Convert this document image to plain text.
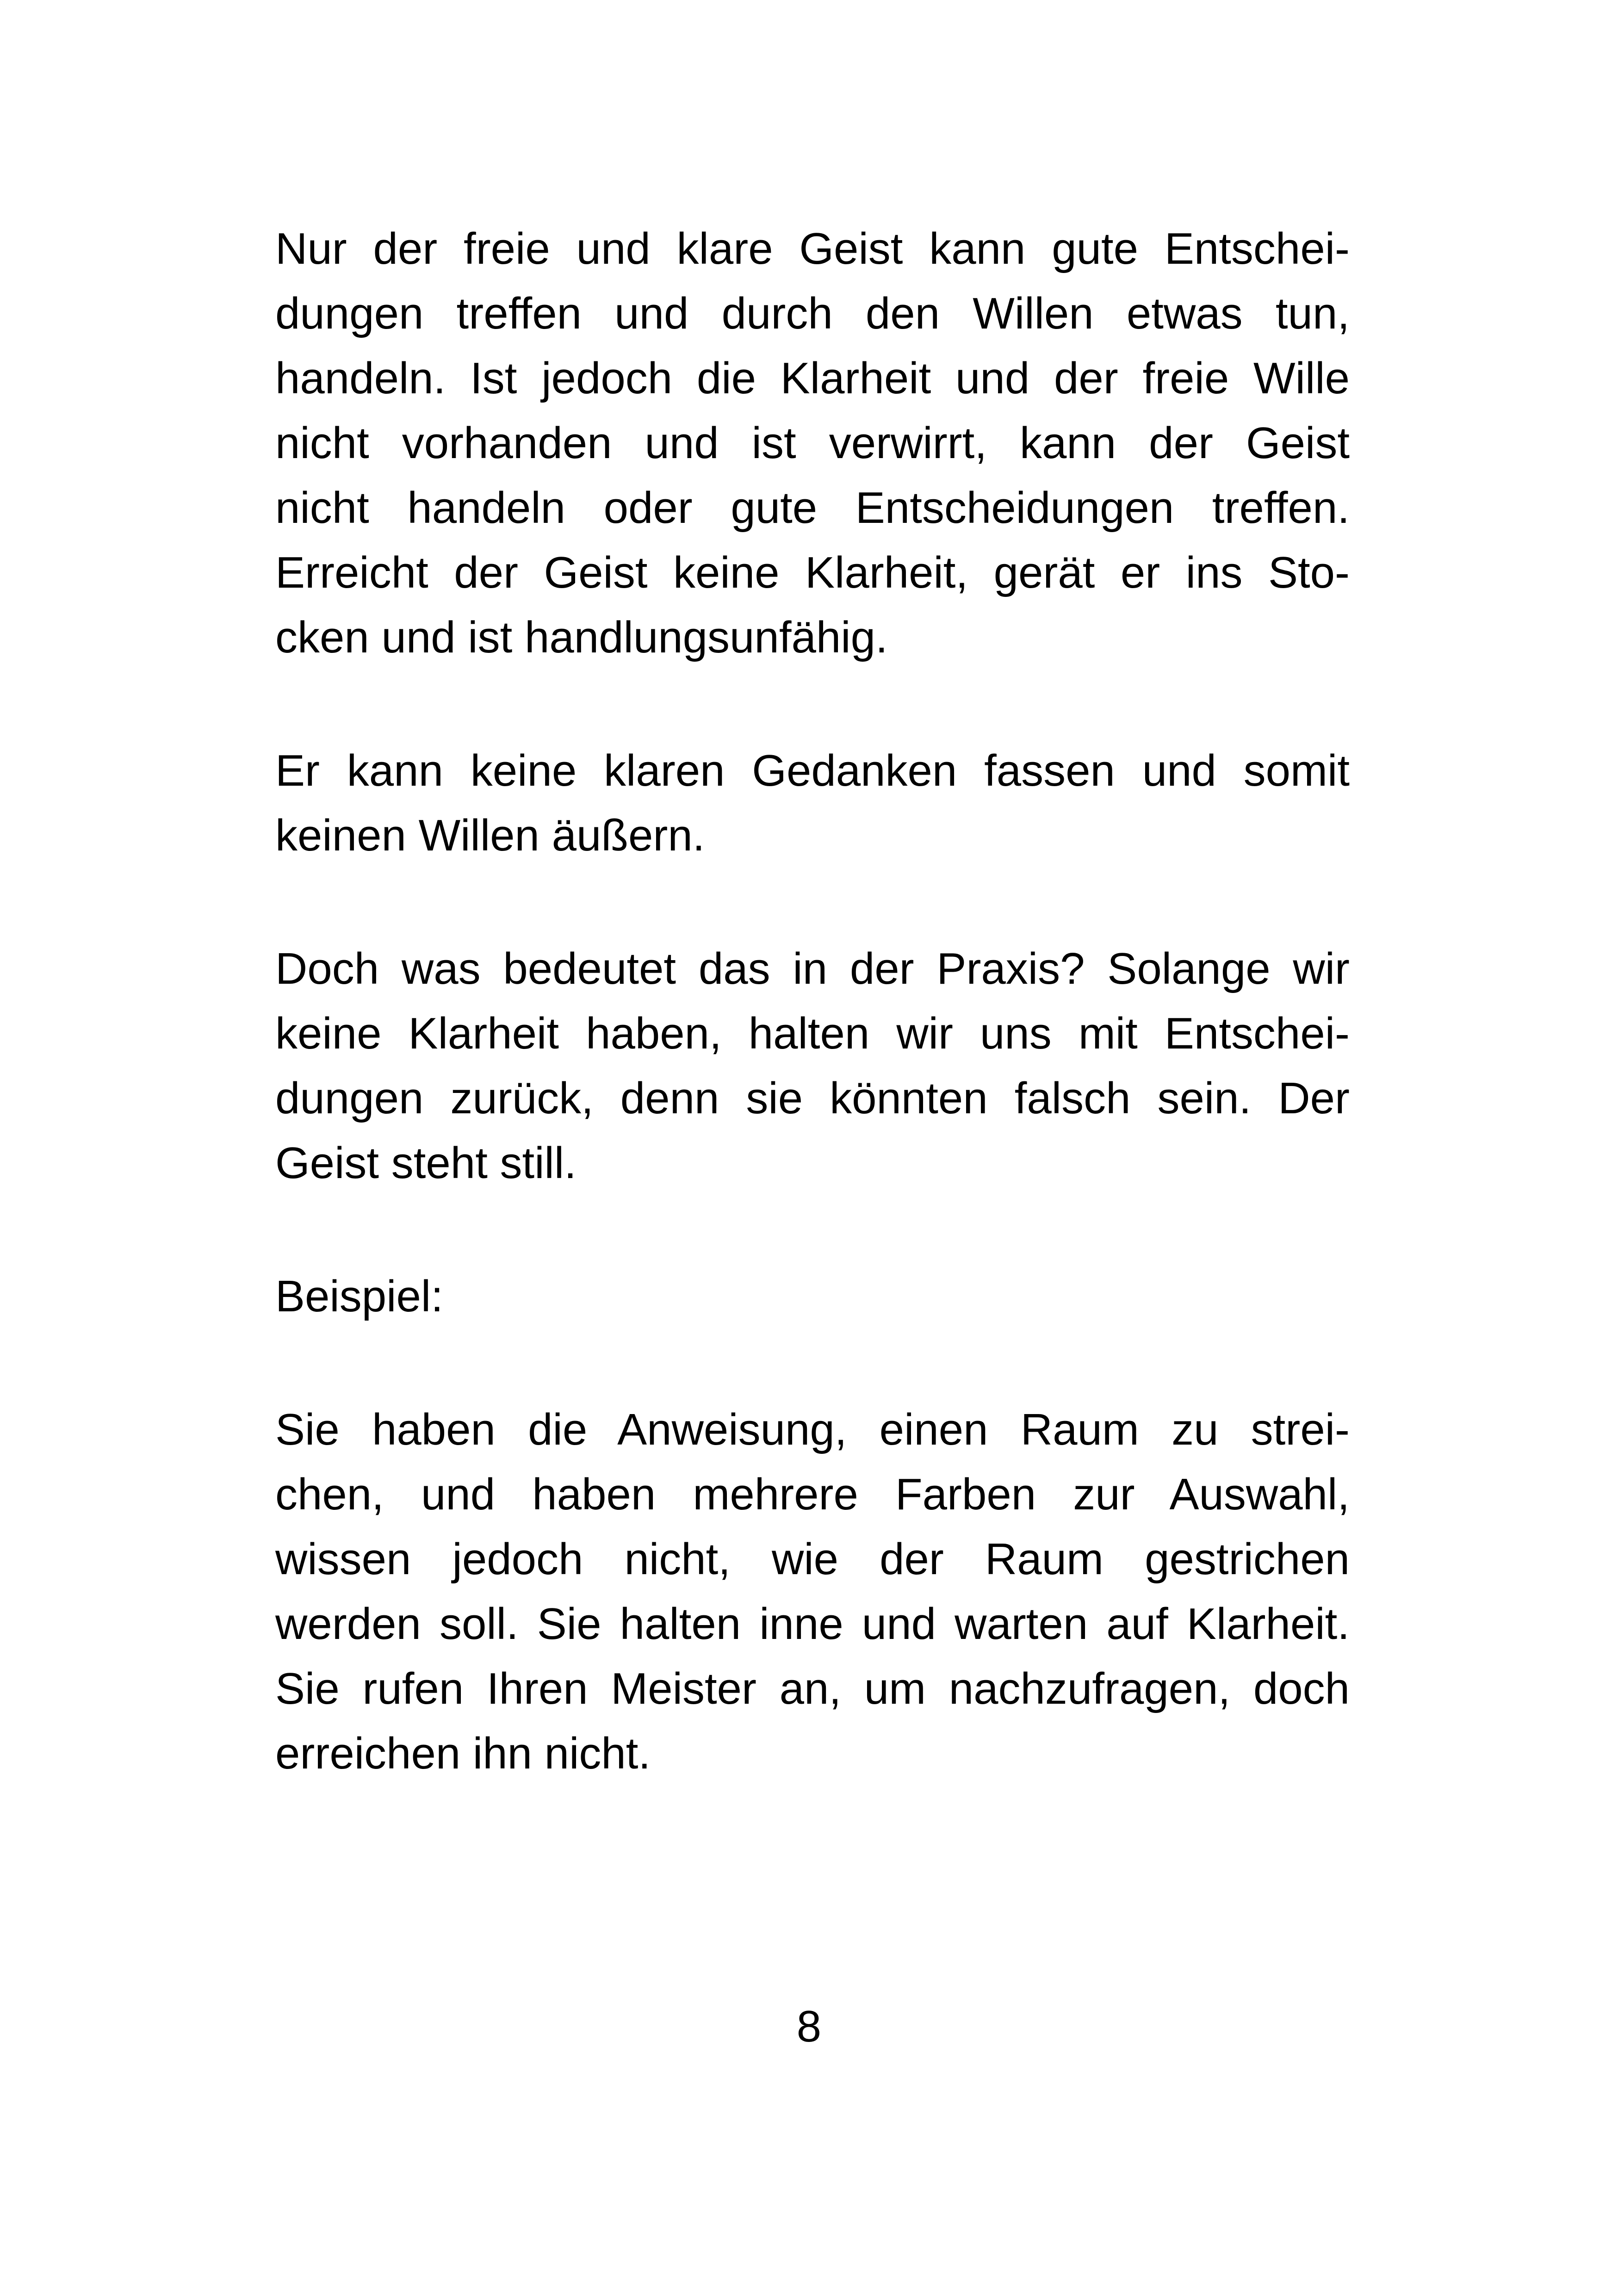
Nur der freie und klare Geist kann gute Entschei-
dungen treffen und durch den Willen etwas tun,
handeln. Ist jedoch die Klarheit und der freie Wille
nicht vorhanden und ist verwirrt, kann der Geist
nicht handeln oder gute Entscheidungen treffen.
Erreicht der Geist keine Klarheit, gerät er ins Sto-
cken und ist handlungsunfähig.
Er kann keine klaren Gedanken fassen und somit
keinen Willen äußern.
Doch was bedeutet das in der Praxis? Solange wir
keine Klarheit haben, halten wir uns mit Entschei-
dungen zurück, denn sie könnten falsch sein. Der
Geist steht still.
Beispiel:
Sie haben die Anweisung, einen Raum zu strei-
chen, und haben mehrere Farben zur Auswahl,
wissen jedoch nicht, wie der Raum gestrichen
werden soll. Sie halten inne und warten auf Klarheit.
Sie rufen Ihren Meister an, um nachzufragen, doch
erreichen ihn nicht.
8
